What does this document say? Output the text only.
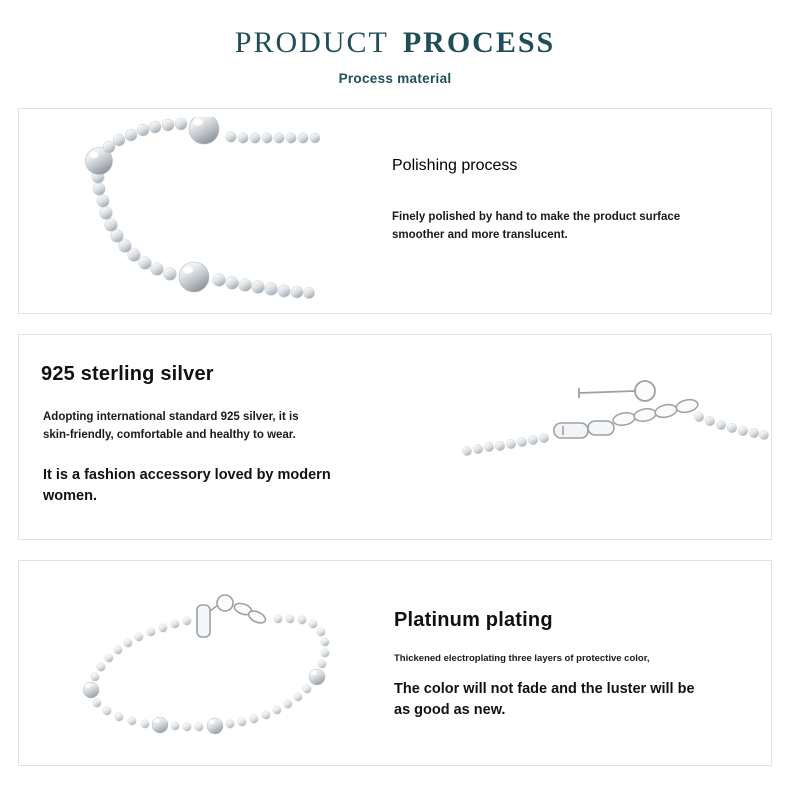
PRODUCT PROCESS
Process material
Polishing process
Finely polished by hand to make the product surface smoother and more translucent.
925 sterling silver
Adopting international standard 925 silver, it is skin-friendly, comfortable and healthy to wear.
It is a fashion accessory loved by modern women.
Platinum plating
Thickened electroplating three layers of protective color,
The color will not fade and the luster will be as good as new.
